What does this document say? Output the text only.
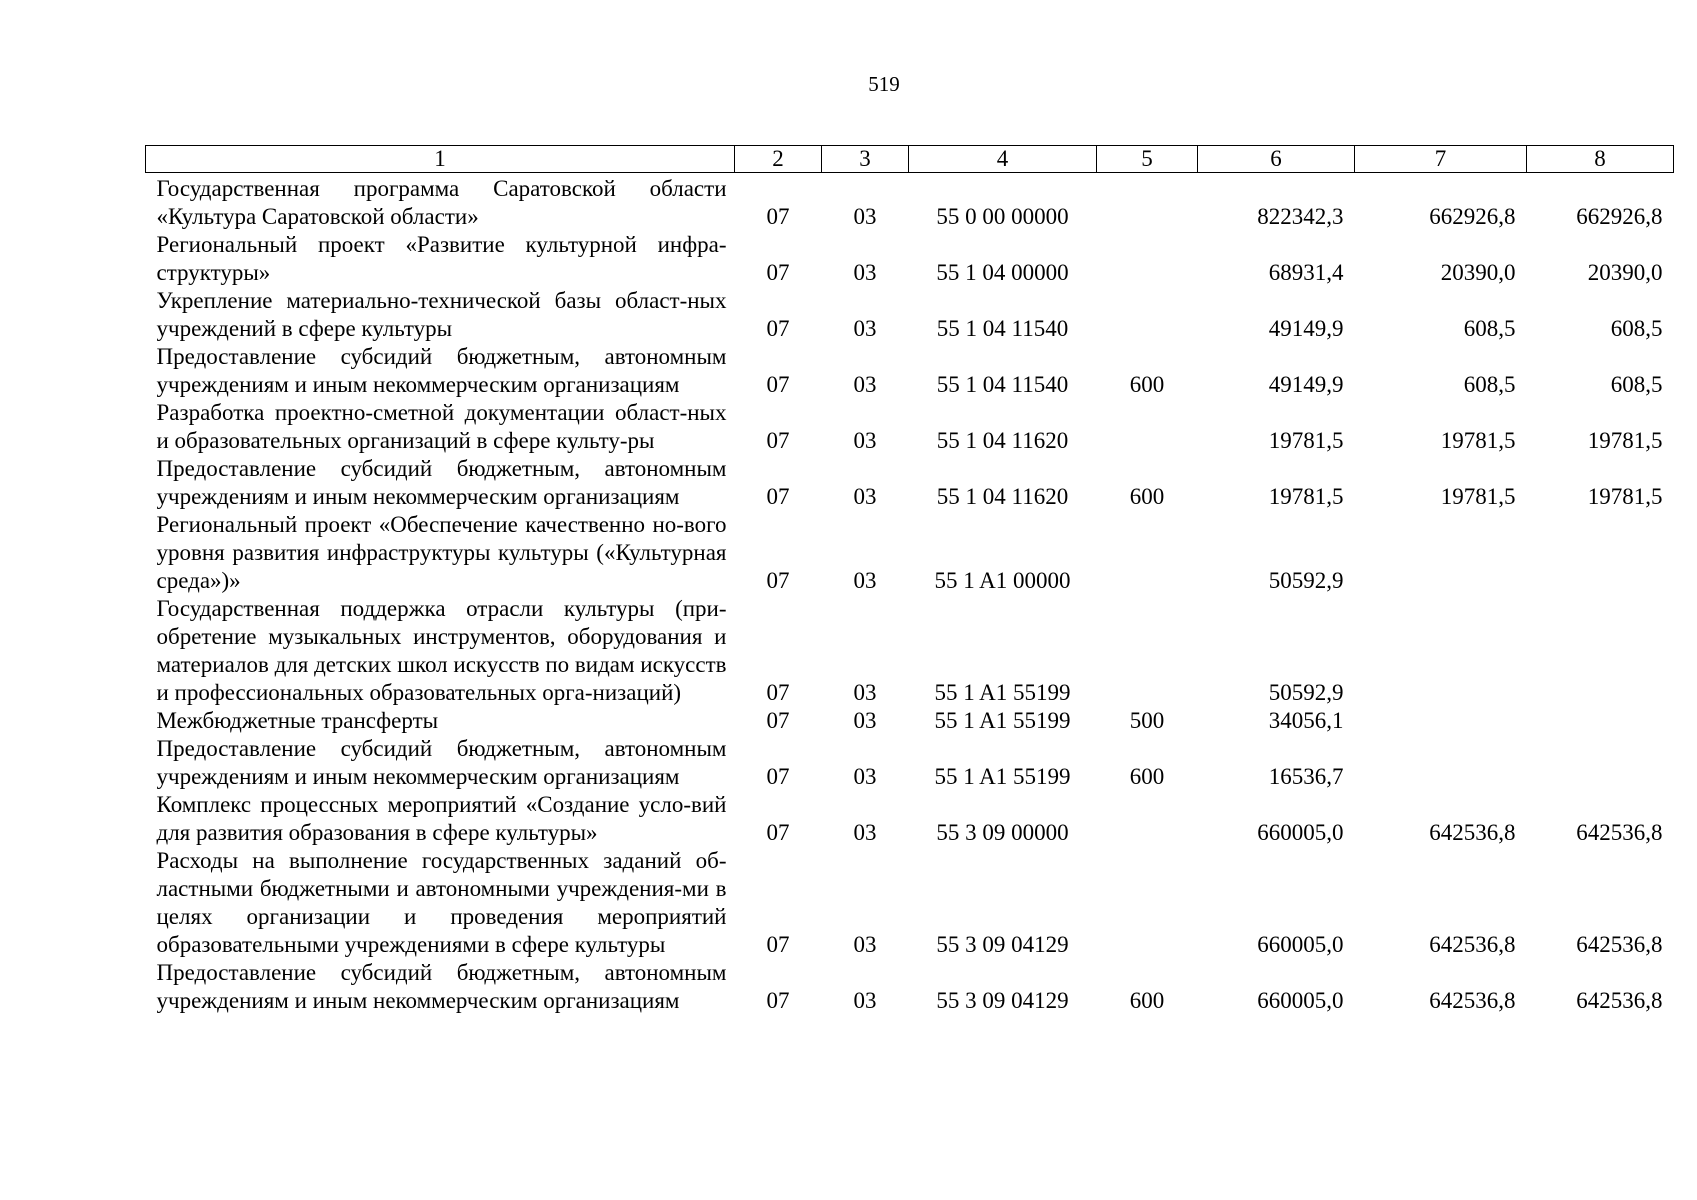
519
1	2	3	4	5	6	7	8
Государственная программа Саратовской области «Культура Саратовской области»	07	03	55 0 00 00000		822342,3	662926,8	662926,8
Региональный проект «Развитие культурной инфра-структуры»	07	03	55 1 04 00000		68931,4	20390,0	20390,0
Укрепление материально-технической базы област-ных учреждений в сфере культуры	07	03	55 1 04 11540		49149,9	608,5	608,5
Предоставление субсидий бюджетным, автономным учреждениям и иным некоммерческим организациям	07	03	55 1 04 11540	600	49149,9	608,5	608,5
Разработка проектно-сметной документации област-ных и образовательных организаций в сфере культу-ры	07	03	55 1 04 11620		19781,5	19781,5	19781,5
Предоставление субсидий бюджетным, автономным учреждениям и иным некоммерческим организациям	07	03	55 1 04 11620	600	19781,5	19781,5	19781,5
Региональный проект «Обеспечение качественно но-вого уровня развития инфраструктуры культуры («Культурная среда»)»	07	03	55 1 A1 00000		50592,9		
Государственная поддержка отрасли культуры (при-обретение музыкальных инструментов, оборудования и материалов для детских школ искусств по видам искусств и профессиональных образовательных орга-низаций)	07	03	55 1 A1 55199		50592,9		
Межбюджетные трансферты	07	03	55 1 A1 55199	500	34056,1		
Предоставление субсидий бюджетным, автономным учреждениям и иным некоммерческим организациям	07	03	55 1 A1 55199	600	16536,7		
Комплекс процессных мероприятий «Создание усло-вий для развития образования в сфере культуры»	07	03	55 3 09 00000		660005,0	642536,8	642536,8
Расходы на выполнение государственных заданий об-ластными бюджетными и автономными учреждения-ми в целях организации и проведения мероприятий образовательными учреждениями в сфере культуры	07	03	55 3 09 04129		660005,0	642536,8	642536,8
Предоставление субсидий бюджетным, автономным учреждениям и иным некоммерческим организациям	07	03	55 3 09 04129	600	660005,0	642536,8	642536,8
